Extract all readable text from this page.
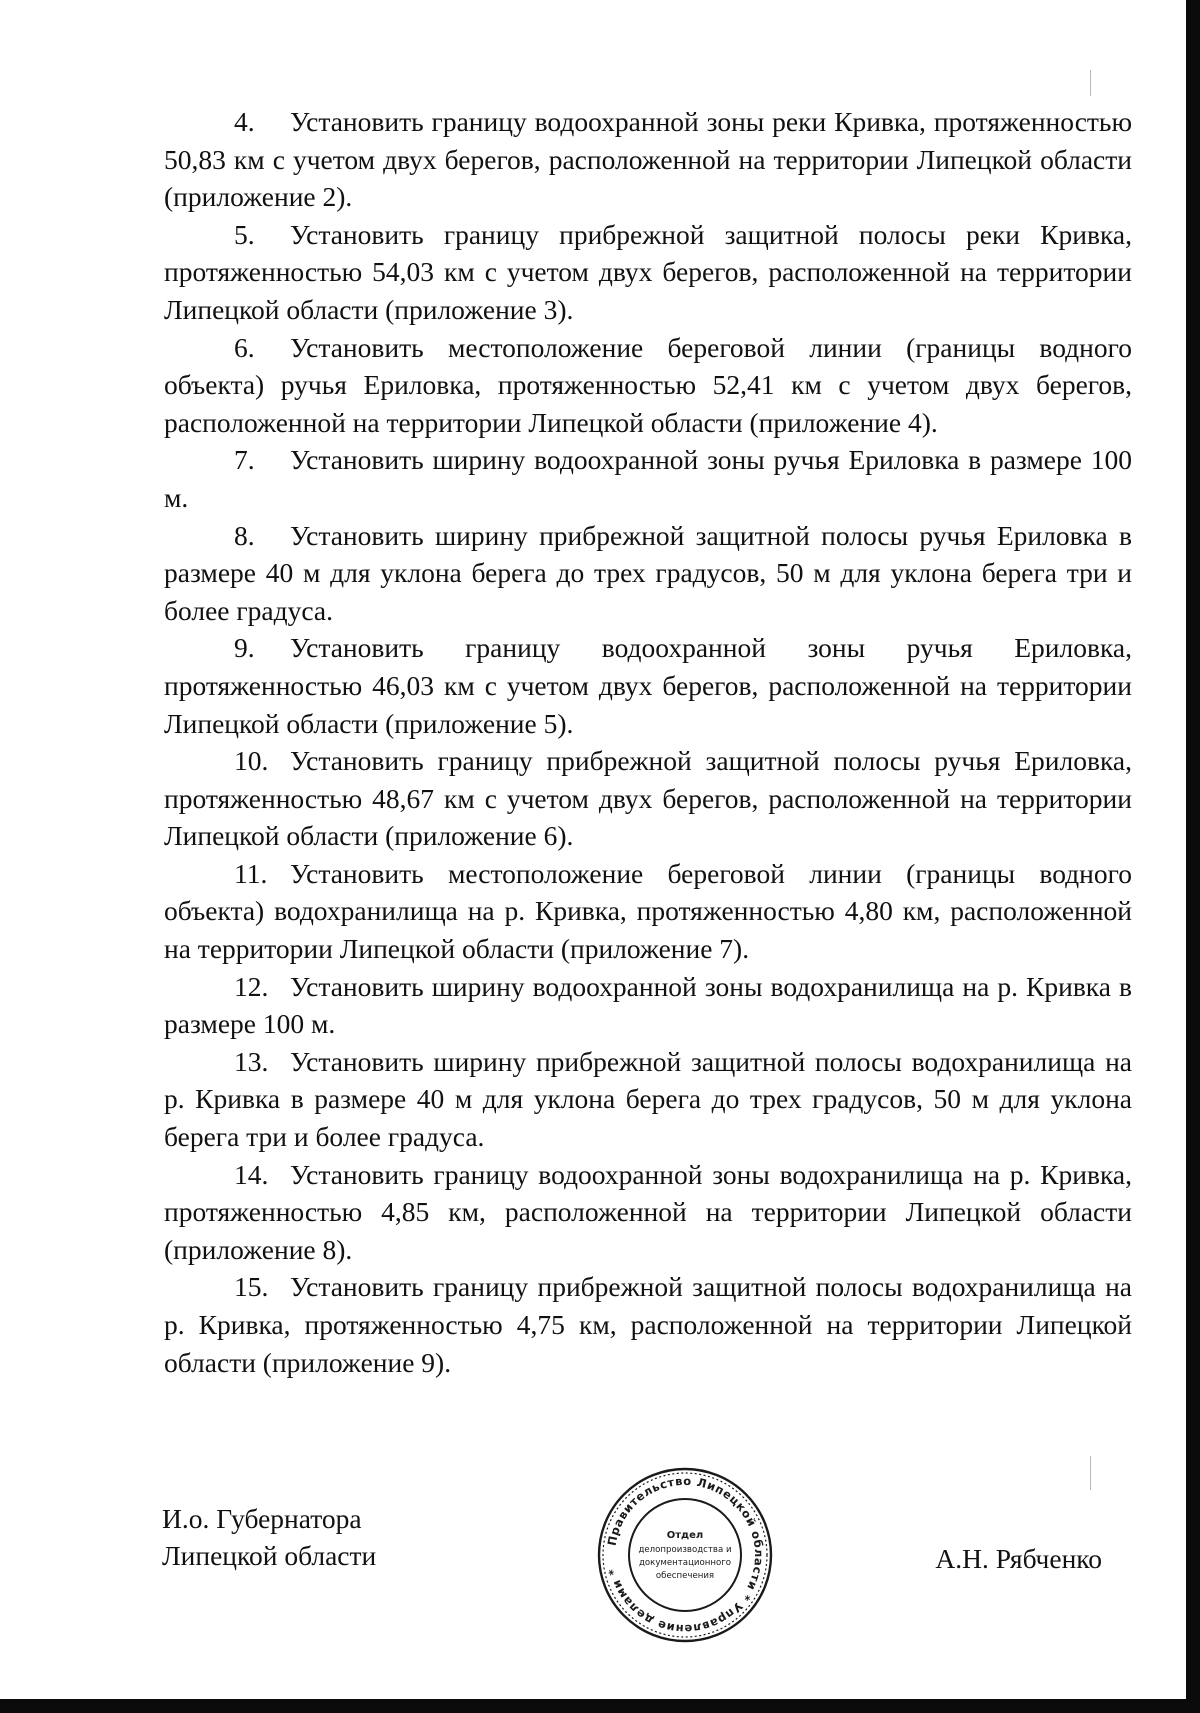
4. Установить границу водоохранной зоны реки Кривка, протяженностью 50,83 км с учетом двух берегов, расположенной на территории Липецкой области (приложение 2).

5. Установить границу прибрежной защитной полосы реки Кривка, протяженностью 54,03 км с учетом двух берегов, расположенной на территории Липецкой области (приложение 3).

6. Установить местоположение береговой линии (границы водного объекта) ручья Ериловка, протяженностью 52,41 км с учетом двух берегов, расположенной на территории Липецкой области (приложение 4).

7. Установить ширину водоохранной зоны ручья Ериловка в размере 100 м.

8. Установить ширину прибрежной защитной полосы ручья Ериловка в размере 40 м для уклона берега до трех градусов, 50 м для уклона берега три и более градуса.

9. Установить границу водоохранной зоны ручья Ериловка, протяженностью 46,03 км с учетом двух берегов, расположенной на территории Липецкой области (приложение 5).

10. Установить границу прибрежной защитной полосы ручья Ериловка, протяженностью 48,67 км с учетом двух берегов, расположенной на территории Липецкой области (приложение 6).

11. Установить местоположение береговой линии (границы водного объекта) водохранилища на р. Кривка, протяженностью 4,80 км, расположенной на территории Липецкой области (приложение 7).

12. Установить ширину водоохранной зоны водохранилища на р. Кривка в размере 100 м.

13. Установить ширину прибрежной защитной полосы водохранилища на р. Кривка в размере 40 м для уклона берега до трех градусов, 50 м для уклона берега три и более градуса.

14. Установить границу водоохранной зоны водохранилища на р. Кривка, протяженностью 4,85 км, расположенной на территории Липецкой области (приложение 8).

15. Установить границу прибрежной защитной полосы водохранилища на р. Кривка, протяженностью 4,75 км, расположенной на территории Липецкой области (приложение 9).

И.о. Губернатора
Липецкой области	Правительство Липецкой области * Управление делами *
Отдел
делопроизводства и
документационного
обеспечения
А.Н. Рябченко
